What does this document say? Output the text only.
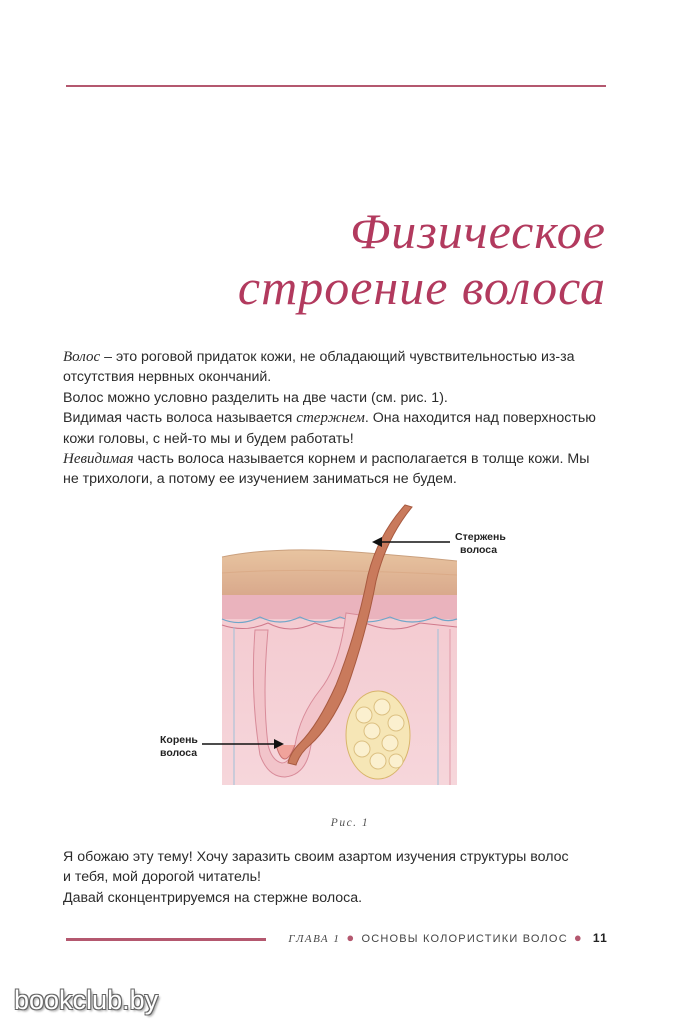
Физическое
строение волоса

Волос – это роговой придаток кожи, не обладающий чувствительностью из-за

отсутствия нервных окончаний.

Волос можно условно разделить на две части (см. рис. 1).

Видимая часть волоса называется стержнем. Она находится над поверхностью

кожи головы, с ней-то мы и будем работать!

Невидимая часть волоса называется корнем и располагается в толще кожи. Мы

не трихологи, а потому ее изучением заниматься не будем.

Стержень
волоса
Корень
волоса
Рис. 1

Я обожаю эту тему! Хочу заразить своим азартом изучения структуры волос

и тебя, мой дорогой читатель!

Давай сконцентрируемся на стержне волоса.

ГЛАВА 1 ● ОСНОВЫ КОЛОРИСТИКИ ВОЛОС ● 11
bookclub.by
